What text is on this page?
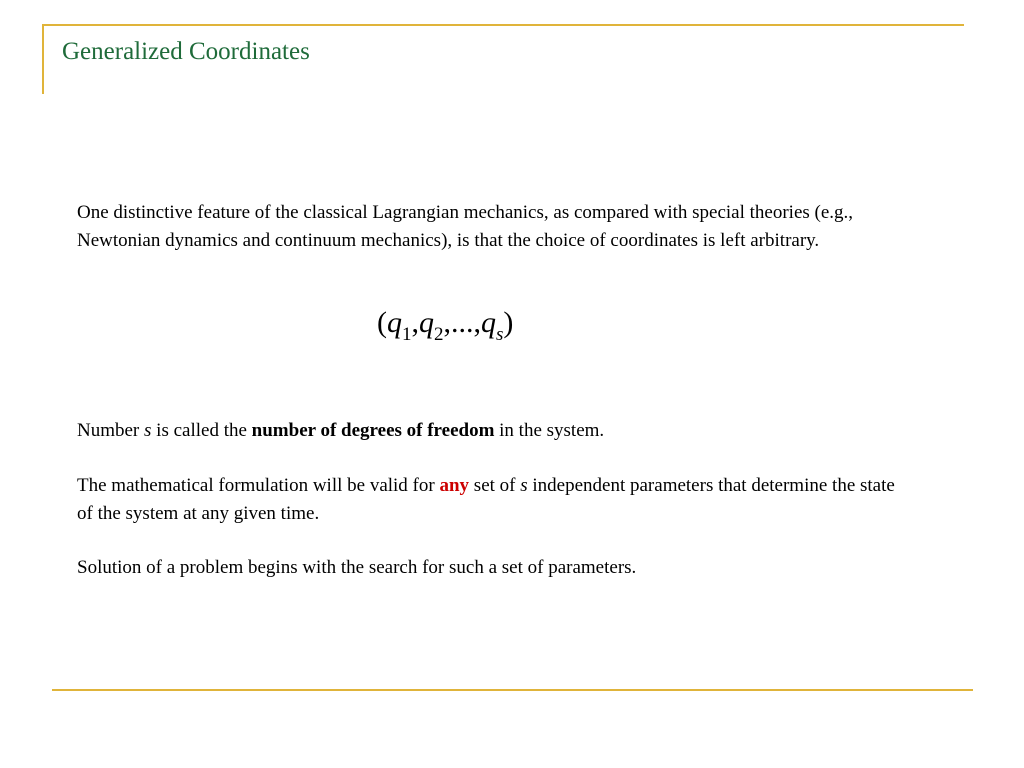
Generalized Coordinates

One distinctive feature of the classical Lagrangian mechanics, as compared with special theories (e.g., Newtonian dynamics and continuum mechanics), is that the choice of coordinates is left arbitrary.

$(q_1,q_2,...,q_s)$

Number s is called the number of degrees of freedom in the system.

The mathematical formulation will be valid for any set of s independent parameters that determine the state of the system at any given time.

Solution of a problem begins with the search for such a set of parameters.
